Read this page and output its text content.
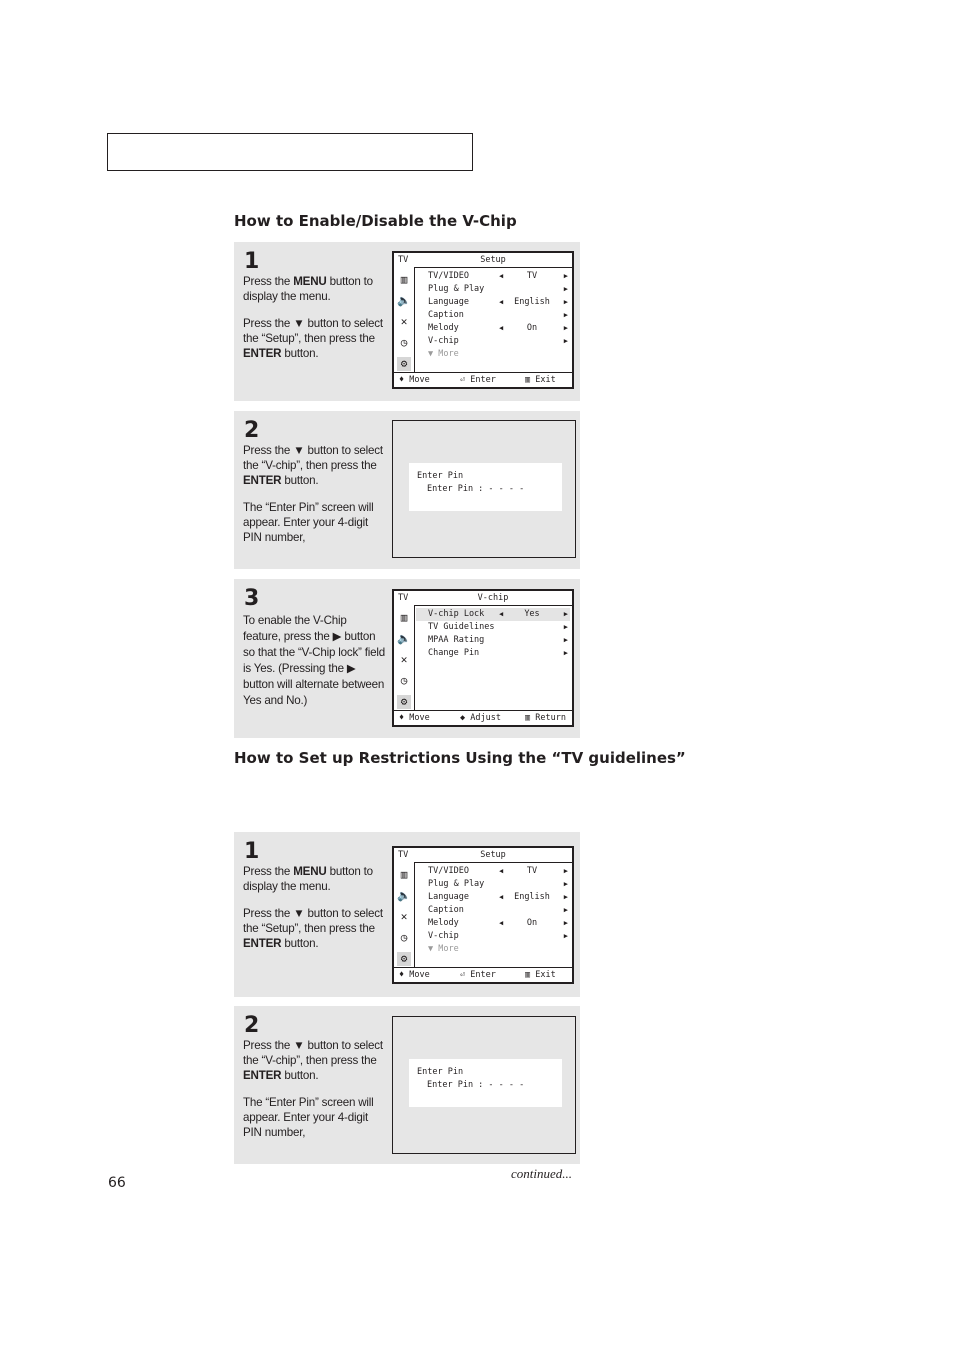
How to Enable/Disable the V-Chip
1

Press the MENU button to display the menu.

Press the ▼ button to select the “Setup”, then press the ENTER button.

TV	Setup
▥
🔈
✕
◷
⚙
TV/VIDEO	◀	TV	▶
Plug & Play	▶
Language	◀	English	▶
Caption	▶
Melody	◀	On	▶
V-chip	▶
▼ More
♦ Move	⏎ Enter	▥ Exit
2

Press the ▼ button to select the “V-chip”, then press the ENTER button.

The “Enter Pin” screen will appear. Enter your 4-digit PIN number,

Enter Pin
Enter Pin : - - - -
3

To enable the V-Chip feature, press the ▶ button so that the “V-Chip lock” field is Yes. (Pressing the ▶ button will alternate between Yes and No.)

TV	V-chip
▥
🔈
✕
◷
⚙
V-chip Lock ◀	Yes	▶
TV Guidelines	▶
MPAA Rating	▶
Change Pin	▶
♦ Move	◆ Adjust	▥ Return
How to Set up Restrictions Using the “TV guidelines”
1

Press the MENU button to display the menu.

Press the ▼ button to select the “Setup”, then press the ENTER button.

TV	Setup
▥
🔈
✕
◷
⚙
TV/VIDEO	◀	TV	▶
Plug & Play	▶
Language	◀	English	▶
Caption	▶
Melody	◀	On	▶
V-chip	▶
▼ More
♦ Move	⏎ Enter	▥ Exit
2

Press the ▼ button to select the “V-chip”, then press the ENTER button.

The “Enter Pin” screen will appear. Enter your 4-digit PIN number,

Enter Pin
Enter Pin : - - - -
continued...
66
